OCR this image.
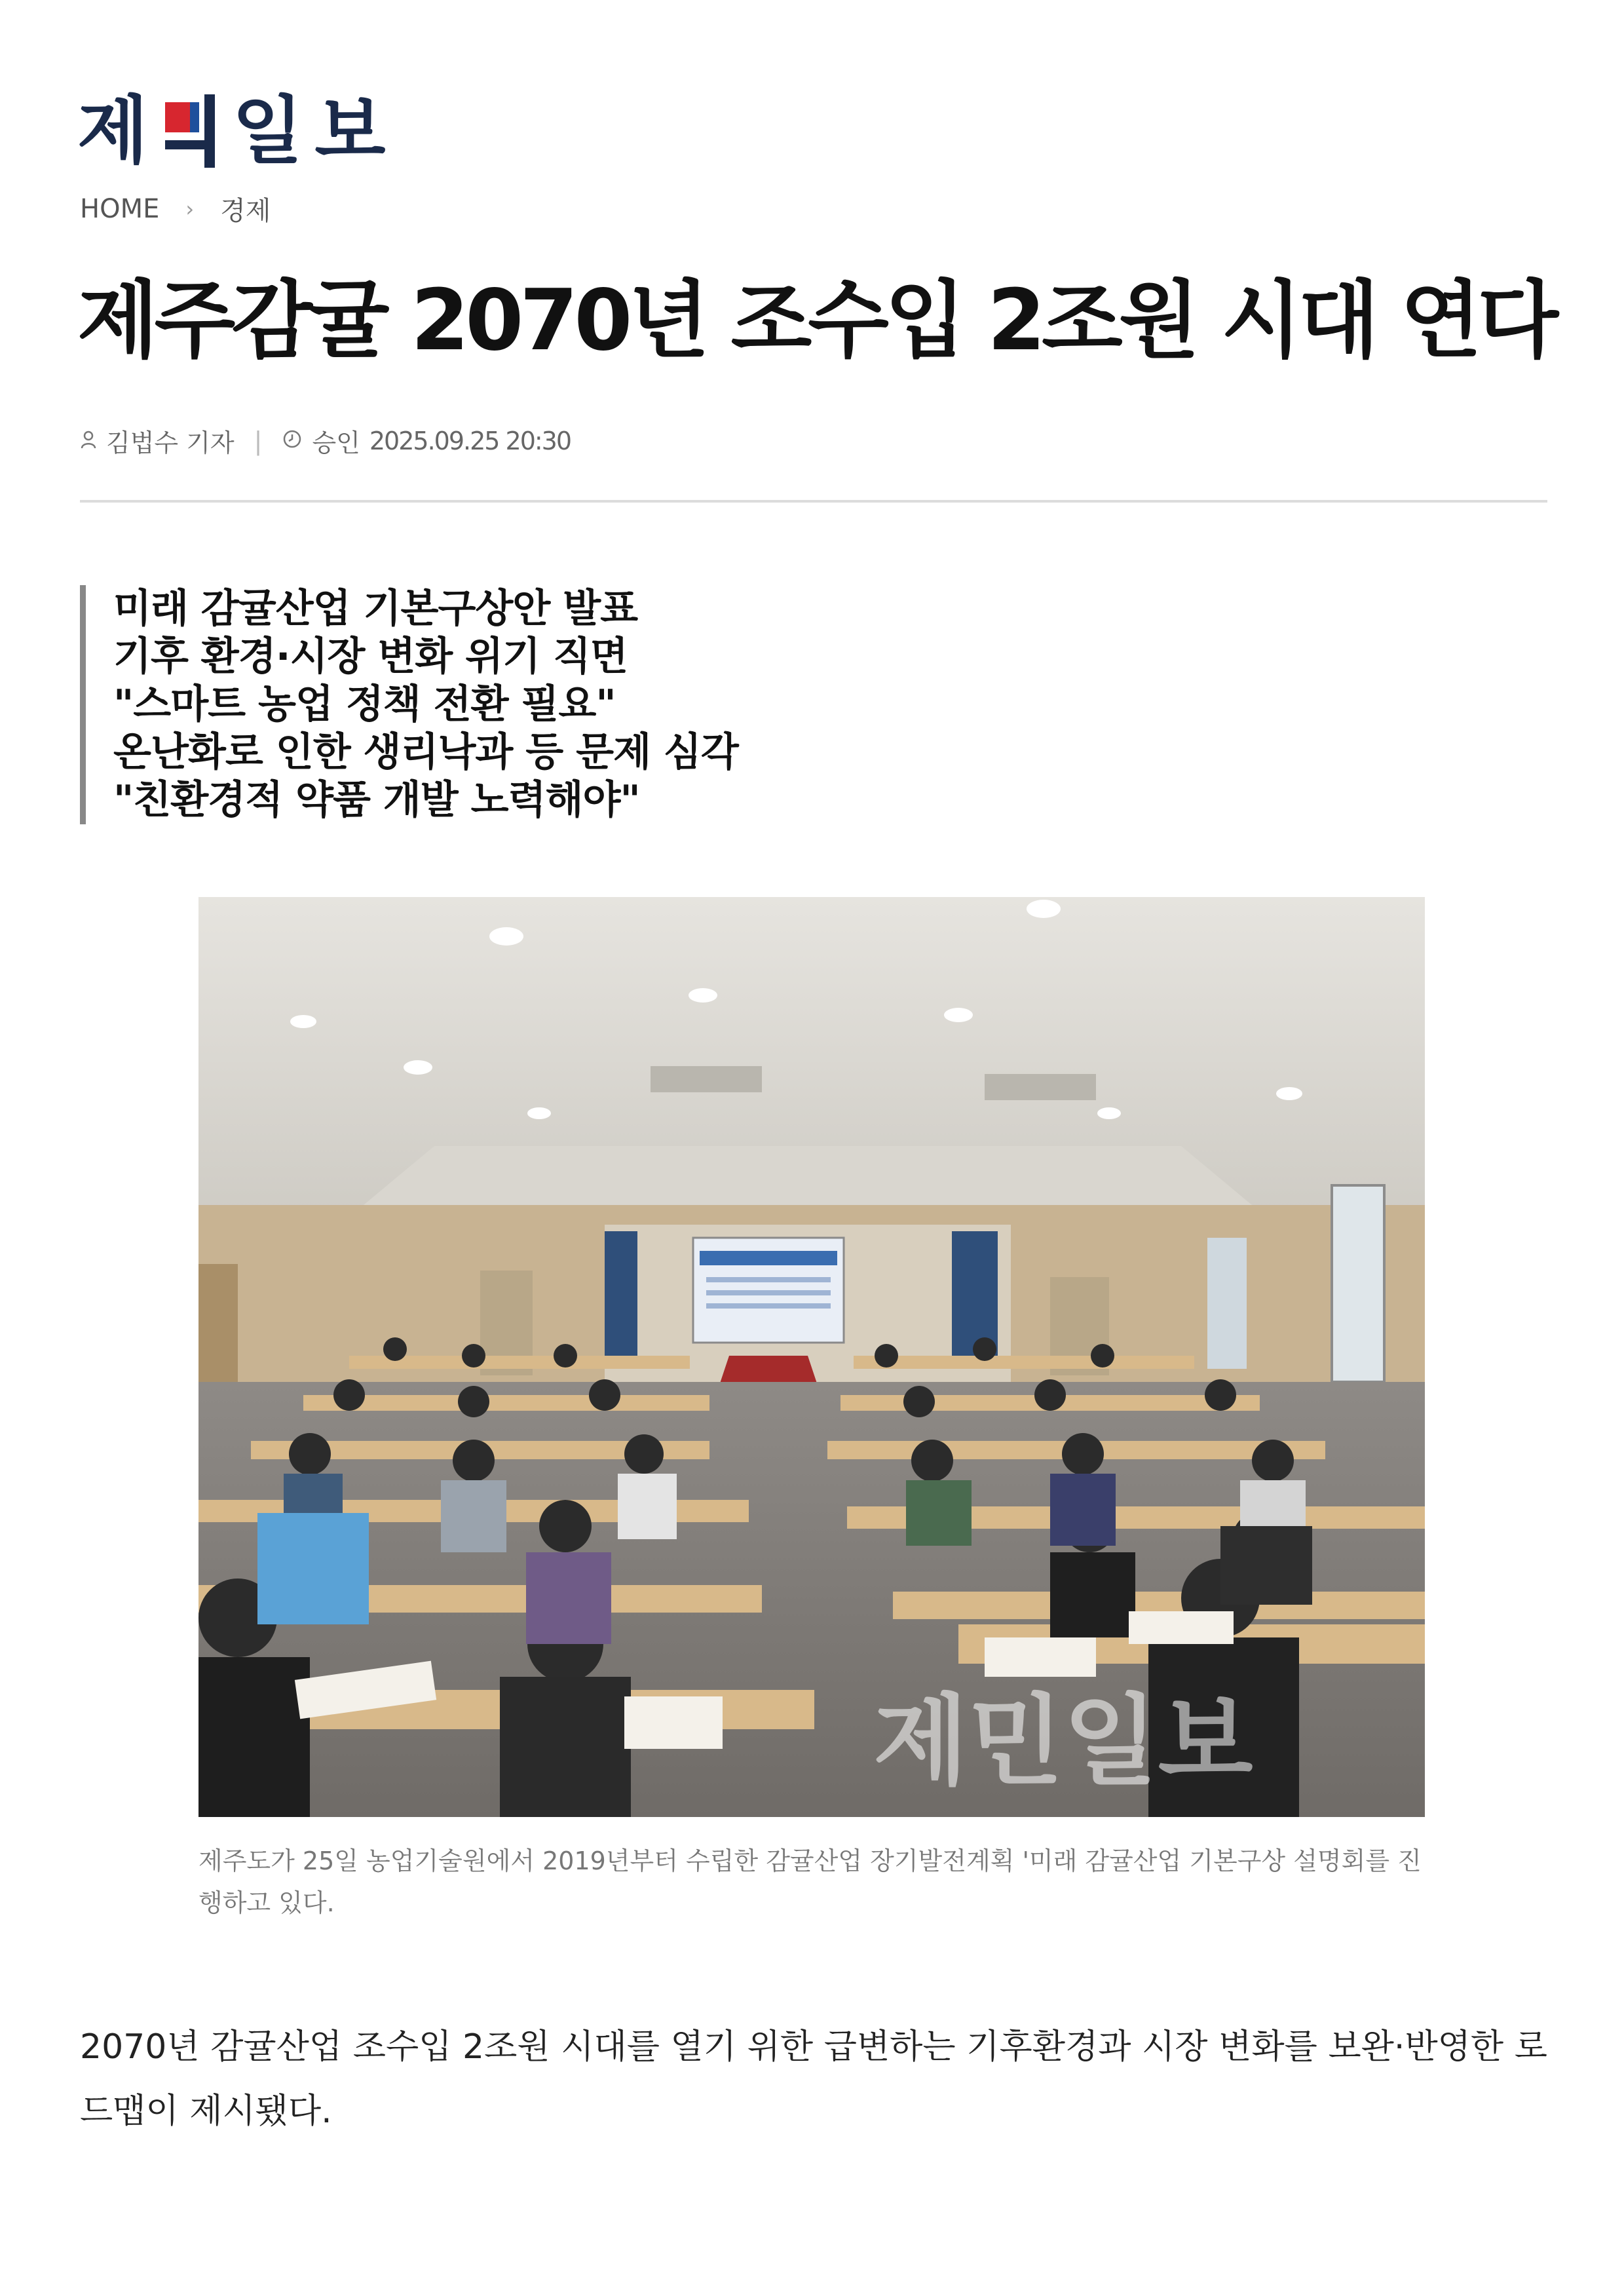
제 일보
HOME › 경제
제주감귤 2070년 조수입 2조원 시대 연다
김법수 기자 | 승인 2025.09.25 20:30
미래 감귤산업 기본구상안 발표
기후 환경·시장 변화 위기 직면
"스마트 농업 정책 전환 필요"
온난화로 인한 생리낙과 등 문제 심각
"친환경적 약품 개발 노력해야"
제민일보
제주도가 25일 농업기술원에서 2019년부터 수립한 감귤산업 장기발전계획 '미래 감귤산업 기본구상 설명회를 진행하고 있다.

2070년 감귤산업 조수입 2조원 시대를 열기 위한 급변하는 기후환경과 시장 변화를 보완·반영한 로드맵이 제시됐다.
